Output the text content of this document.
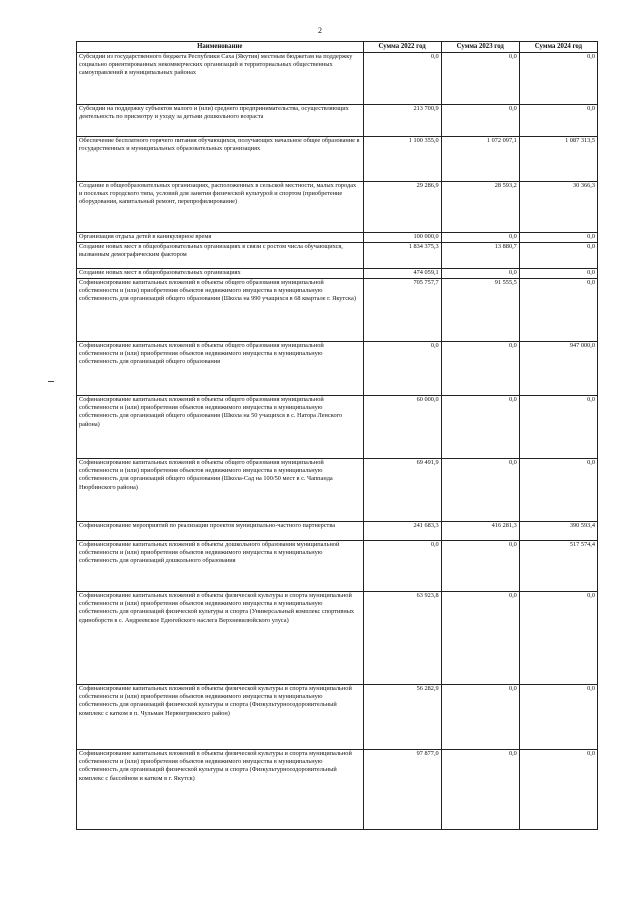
2
Наименование	Сумма 2022 год	Сумма 2023 год	Сумма 2024 год
Субсидии из государственного бюджета Республики Саха (Якутия) местным бюджетам на поддержку социально ориентированных некоммерческих организаций и территориальных общественных самоуправлений в муниципальных районах	0,0	0,0	0,0
Субсидии на поддержку субъектов малого и (или) среднего предпринимательства, осуществляющих деятельность по присмотру и уходу за детьми дошкольного возраста	213 700,9	0,0	0,0
Обеспечение бесплатного горячего питания обучающихся, получающих начальное общее образование в государственных и муниципальных образовательных организациях	1 100 355,0	1 072 097,1	1 087 313,5
Создание в общеобразовательных организациях, расположенных в сельской местности, малых городах и поселках городского типа, условий для занятия физической культурой и спортом (приобретение оборудования, капитальный ремонт, перепрофилирование)	29 286,9	28 593,2	30 366,3
Организация отдыха детей в каникулярное время	100 000,0	0,0	0,0
Создание новых мест в общеобразовательных организациях в связи с ростом числа обучающихся, вызванным демографическим фактором	1 834 375,3	13 880,7	0,0
Создание новых мест в общеобразовательных организациях	474 059,1	0,0	0,0
Софинансирование капитальных вложений в объекты общего образования муниципальной собственности и (или) приобретения объектов недвижимого имущества в муниципальную собственность для организаций общего образования (Школа на 990 учащихся в 68 квартале г. Якутска)	705 757,7	91 555,5	0,0
Софинансирование капитальных вложений в объекты общего образования муниципальной собственности и (или) приобретения объектов недвижимого имущества в муниципальную собственность для организаций общего образования	0,0	0,0	947 000,0
Софинансирование капитальных вложений в объекты общего образования муниципальной собственности и (или) приобретения объектов недвижимого имущества в муниципальную собственность для организаций общего образования (Школа на 50 учащихся в с. Натора Ленского района)	60 000,0	0,0	0,0
Софинансирование капитальных вложений в объекты общего образования муниципальной собственности и (или) приобретения объектов недвижимого имущества в муниципальную собственность для организаций общего образования (Школа-Сад на 100/50 мест в с. Чаппанда Нюрбинского района)	69 491,9	0,0	0,0
Софинансирование мероприятий по реализации проектов муниципально-частного партнерства	241 683,3	416 281,3	390 593,4
Софинансирование капитальных вложений в объекты дошкольного образования муниципальной собственности и (или) приобретения объектов недвижимого имущества в муниципальную собственность для организаций дошкольного образования	0,0	0,0	517 574,4
Софинансирование капитальных вложений в объекты физической культуры и спорта муниципальной собственности и (или) приобретения объектов недвижимого имущества в муниципальную собственность для организаций физической культуры и спорта (Универсальный комплекс спортивных единоборств в с. Андреевское Едюгейского наслега Верхневилюйского улуса)	63 923,8	0,0	0,0
Софинансирование капитальных вложений в объекты физической культуры и спорта муниципальной собственности и (или) приобретения объектов недвижимого имущества в муниципальную собственность для организаций физической культуры и спорта (Физкультурнооздоровительный комплекс с катком в п. Чульман Нерюнгринского район)	56 282,9	0,0	0,0
Софинансирование капитальных вложений в объекты физической культуры и спорта муниципальной собственности и (или) приобретения объектов недвижимого имущества в муниципальную собственность для организаций физической культуры и спорта (Физкультурнооздоровительный комплекс с бассейном и катком в г. Якутск)	97 877,0	0,0	0,0
